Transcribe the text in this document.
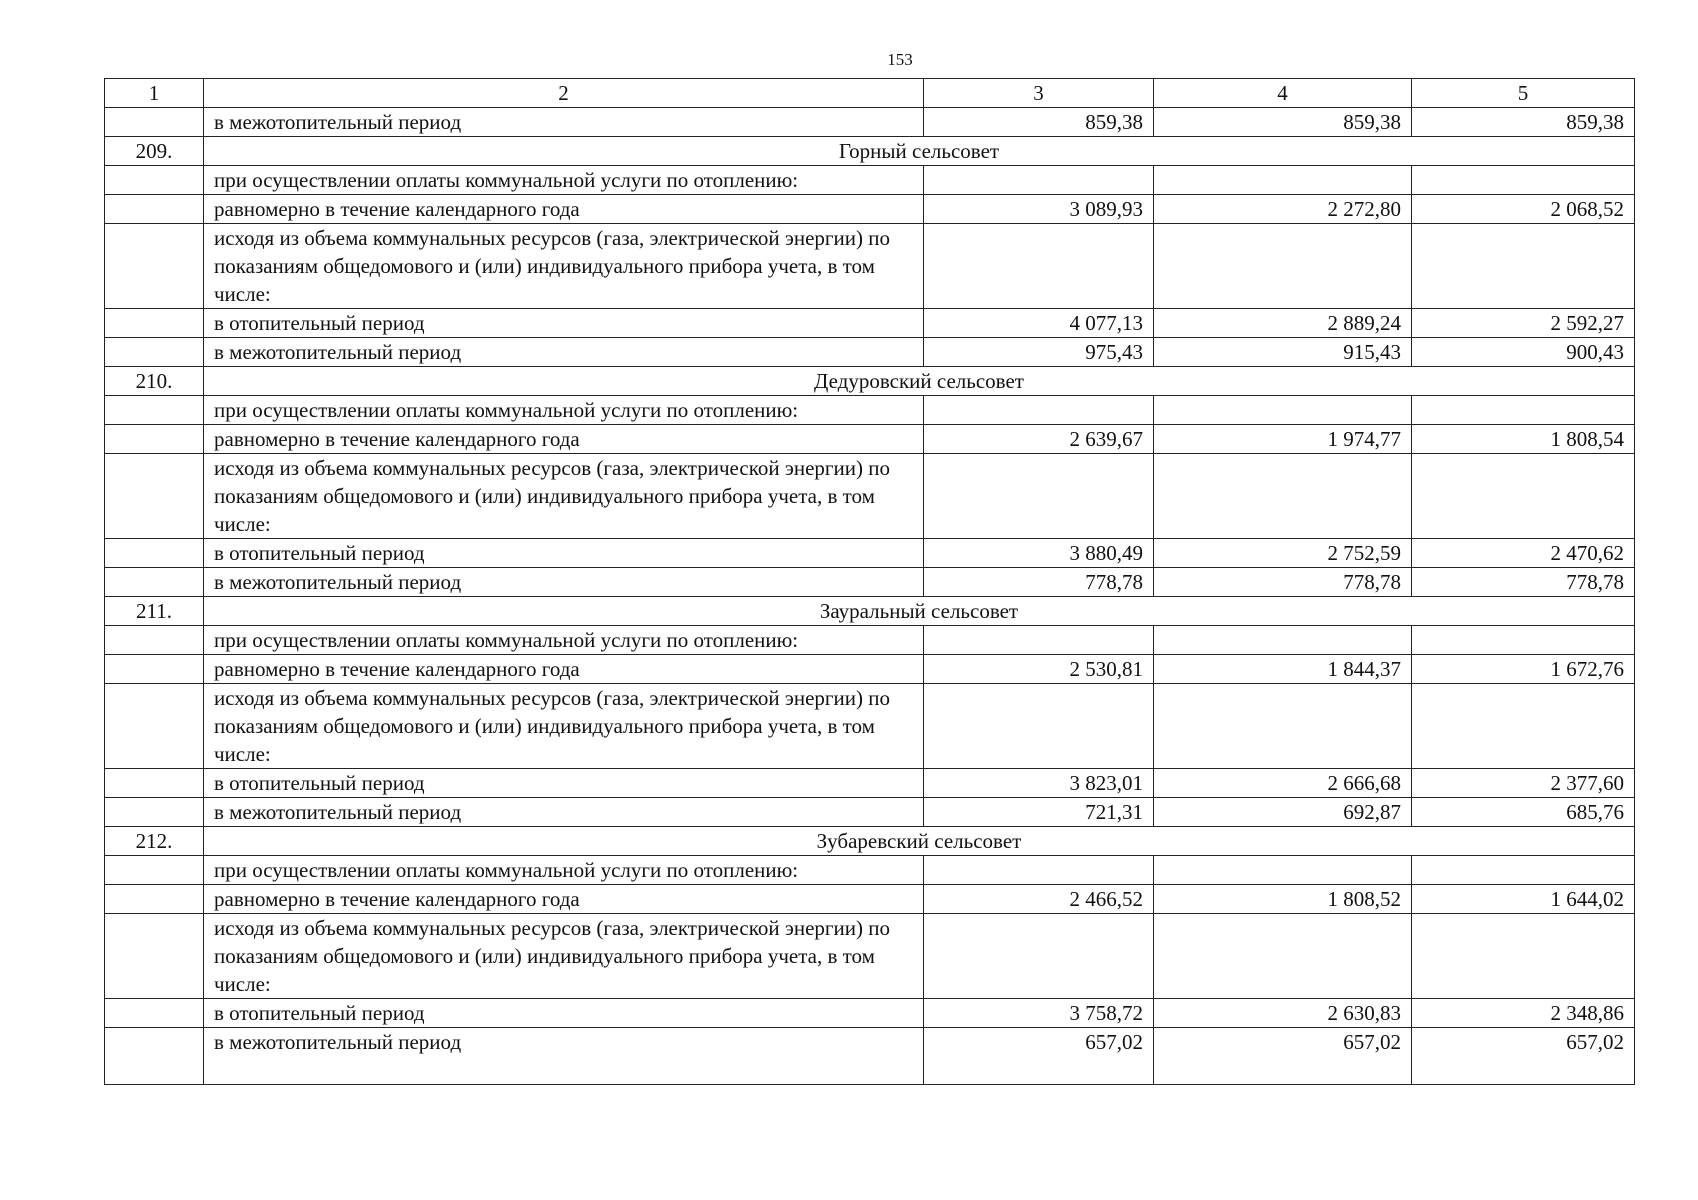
153
1	2	3	4	5
	в межотопительный период	859,38	859,38	859,38
209.	Горный сельсовет			
	при осуществлении оплаты коммунальной услуги по отоплению:			
	равномерно в течение календарного года	3 089,93	2 272,80	2 068,52
	исходя из объема коммунальных ресурсов (газа, электрической энергии) по показаниям общедомового и (или) индивидуального прибора учета, в том числе:			
	в отопительный период	4 077,13	2 889,24	2 592,27
	в межотопительный период	975,43	915,43	900,43
210.	Дедуровский сельсовет			
	при осуществлении оплаты коммунальной услуги по отоплению:			
	равномерно в течение календарного года	2 639,67	1 974,77	1 808,54
	исходя из объема коммунальных ресурсов (газа, электрической энергии) по показаниям общедомового и (или) индивидуального прибора учета, в том числе:			
	в отопительный период	3 880,49	2 752,59	2 470,62
	в межотопительный период	778,78	778,78	778,78
211.	Зауральный сельсовет			
	при осуществлении оплаты коммунальной услуги по отоплению:			
	равномерно в течение календарного года	2 530,81	1 844,37	1 672,76
	исходя из объема коммунальных ресурсов (газа, электрической энергии) по показаниям общедомового и (или) индивидуального прибора учета, в том числе:			
	в отопительный период	3 823,01	2 666,68	2 377,60
	в межотопительный период	721,31	692,87	685,76
212.	Зубаревский сельсовет			
	при осуществлении оплаты коммунальной услуги по отоплению:			
	равномерно в течение календарного года	2 466,52	1 808,52	1 644,02
	исходя из объема коммунальных ресурсов (газа, электрической энергии) по показаниям общедомового и (или) индивидуального прибора учета, в том числе:			
	в отопительный период	3 758,72	2 630,83	2 348,86
	в межотопительный период	657,02	657,02	657,02
